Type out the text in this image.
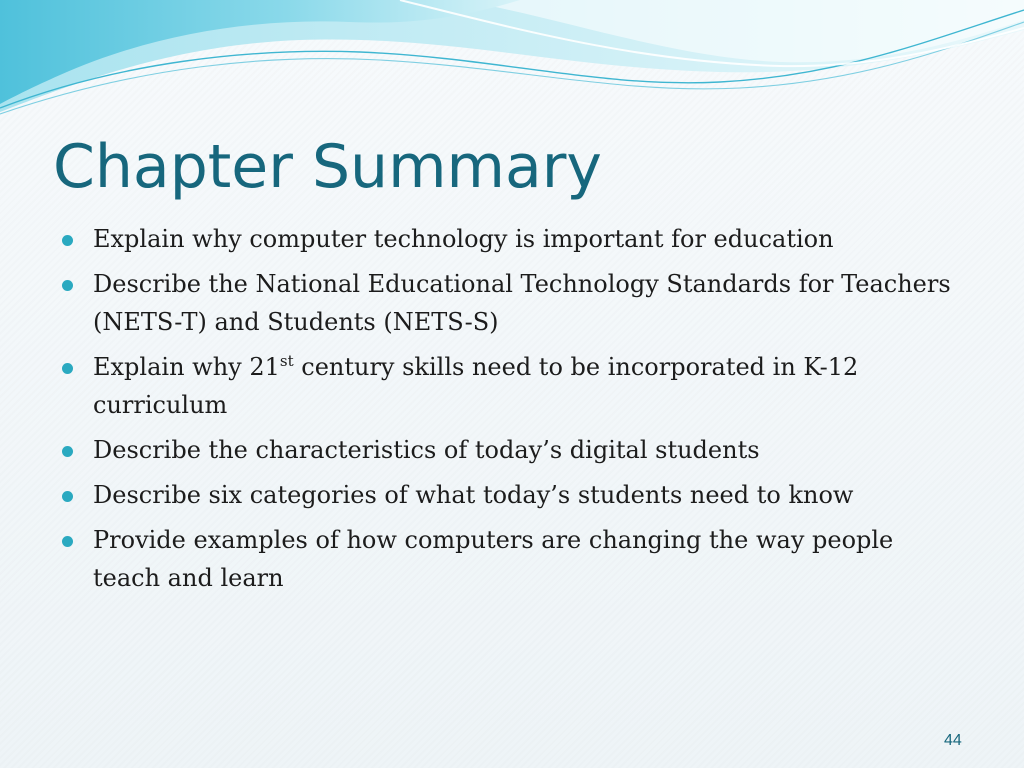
Chapter Summary
Explain why computer technology is important for education
Describe the National Educational Technology Standards for Teachers (NETS-T) and Students (NETS-S)
Explain why 21st century skills need to be incorporated in K-12 curriculum
Describe the characteristics of today’s digital students
Describe six categories of what today’s students need to know
Provide examples of how computers are changing the way people teach and learn
44
